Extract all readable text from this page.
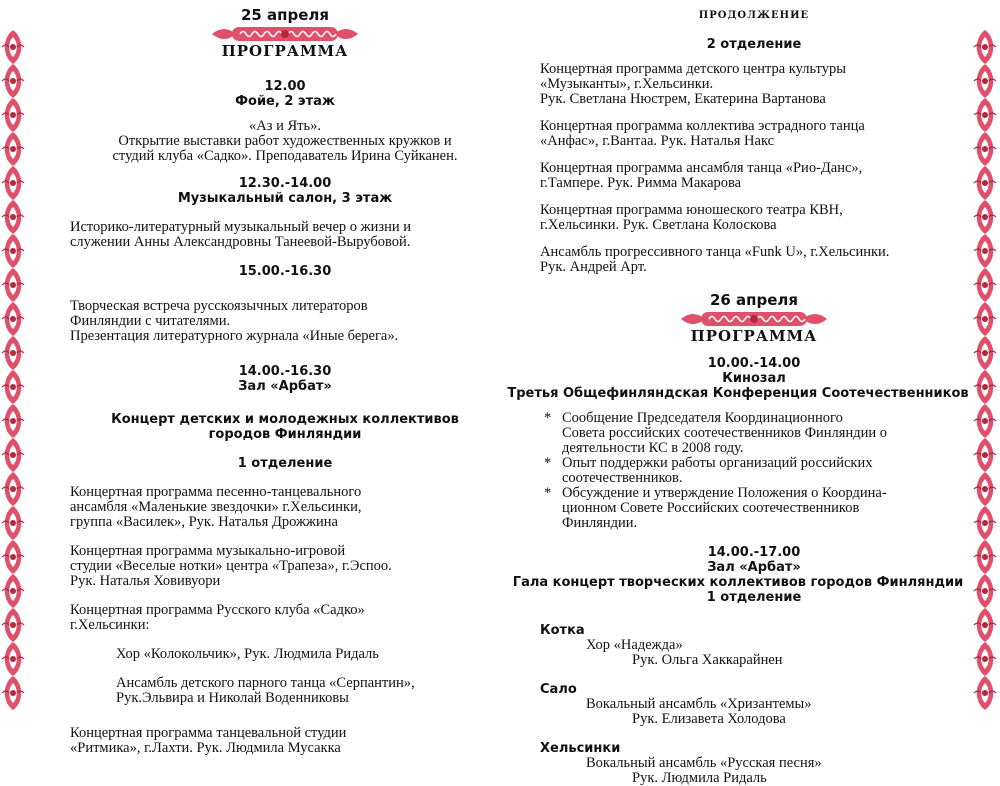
25 апреля
ПРОГРАММА
12.00
Фойе, 2 этаж

«Аз и Ять».

Открытие выставки работ художественных кружков и

студий клуба «Садко». Преподаватель Ирина Суйканен.

12.30.-14.00
Музыкальный салон, 3 этаж

Историко-литературный музыкальный вечер о жизни и

служении Анны Александровны Танеевой-Вырубовой.

15.00.-16.30

Творческая встреча русскоязычных литераторов

Финляндии с читателями.

Презентация литературного журнала «Иные берега».

14.00.-16.30
Зал «Арбат»
Концерт детских и молодежных коллективов
городов Финляндии
1 отделение

Концертная программа песенно-танцевального

ансамбля «Маленькие звездочки» г.Хельсинки,

группа «Василек», Рук. Наталья Дрожжина

Концертная программа музыкально-игровой

студии «Веселые нотки» центра «Трапеза», г.Эспоо.

Рук. Наталья Ховивуори

Концертная программа Русского клуба «Садко»

г.Хельсинки:

Хор «Колокольчик», Рук. Людмила Ридаль

Ансамбль детского парного танца «Серпантин»,

Рук.Эльвира и Николай Воденниковы

Концертная программа танцевальной студии

«Ритмика», г.Лахти. Рук. Людмила Мусакка

ПРОДОЛЖЕНИЕ
2 отделение

Концертная программа детского центра культуры

«Музыканты», г.Хельсинки.

Рук. Светлана Нюстрем, Екатерина Вартанова

Концертная программа коллектива эстрадного танца

«Анфас», г.Вантаа. Рук. Наталья Накс

Концертная программа ансамбля танца «Рио-Данс»,

г.Тампере. Рук. Римма Макарова

Концертная программа юношеского театра КВН,

г.Хельсинки. Рук. Светлана Колоскова

Ансамбль прогрессивного танца «Funk U», г.Хельсинки.

Рук. Андрей Арт.

26 апреля
ПРОГРАММА
10.00.-14.00
Кинозал
Третья Общефинляндская Конференция Соотечественников

* Сообщение Председателя Координационного

Совета российских соотечественников Финляндии о

деятельности КС в 2008 году.

* Опыт поддержки работы организаций российских

соотечественников.

* Обсуждение и утверждение Положения о Координа-

ционном Совете Российских соотечественников

Финляндии.

14.00.-17.00
Зал «Арбат»
Гала концерт творческих коллективов городов Финляндии
1 отделение
Котка

Хор «Надежда»

Рук. Ольга Хаккарайнен

Сало

Вокальный ансамбль «Хризантемы»

Рук. Елизавета Холодова

Хельсинки

Вокальный ансамбль «Русская песня»

Рук. Людмила Ридаль
